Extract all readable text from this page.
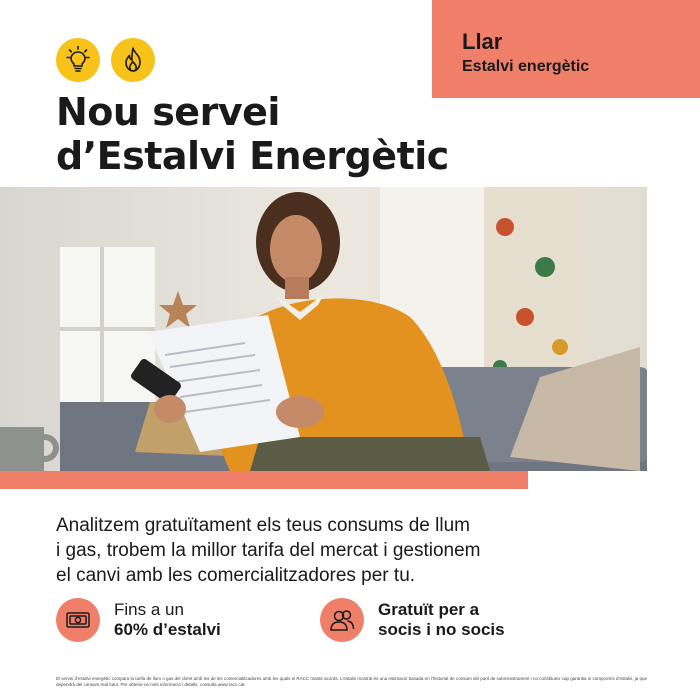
Llar
Estalvi energètic
Nou servei
d’Estalvi Energètic
Analitzem gratuïtament els teus consums de llum
i gas, trobem la millor tarifa del mercat i gestionem
el canvi amb les comercialitzadores per tu.
Fins a un
60% d’estalvi
Gratuït per a
socis i no socis
El servei d’estalvi energètic compara la tarifa de llum o gas del client amb les de les comercialitzadores amb les quals el RACC manté acords. L’estalvi mostrat és una estimació basada en l’historial de consum del punt de subministrament i no constitueix cap garantia ni compromís d’estalvi, ja que dependrà del consum real futur. Per obtenir-ne més informació i detalls, consulta www.racc.cat.
